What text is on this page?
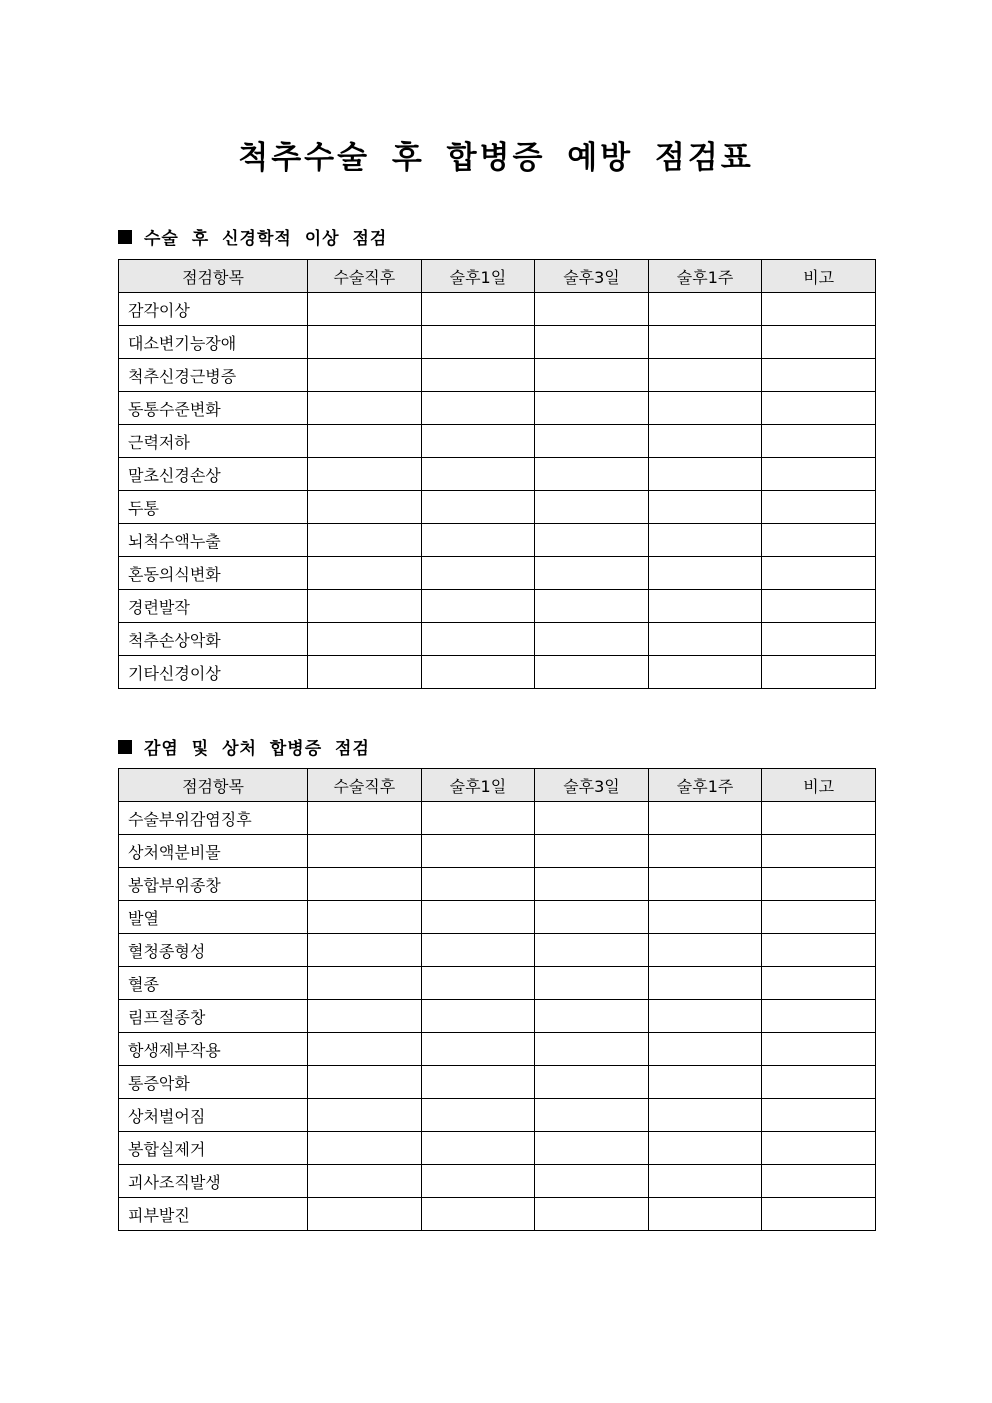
척추수술 후 합병증 예방 점검표
수술 후 신경학적 이상 점검
점검항목	수술직후	술후1일	술후3일	술후1주	비고
감각이상					
대소변기능장애					
척추신경근병증					
동통수준변화					
근력저하					
말초신경손상					
두통					
뇌척수액누출					
혼동의식변화					
경련발작					
척추손상악화					
기타신경이상					
감염 및 상처 합병증 점검
점검항목	수술직후	술후1일	술후3일	술후1주	비고
수술부위감염징후					
상처액분비물					
봉합부위종창					
발열					
혈청종형성					
혈종					
림프절종창					
항생제부작용					
통증악화					
상처벌어짐					
봉합실제거					
괴사조직발생					
피부발진					
